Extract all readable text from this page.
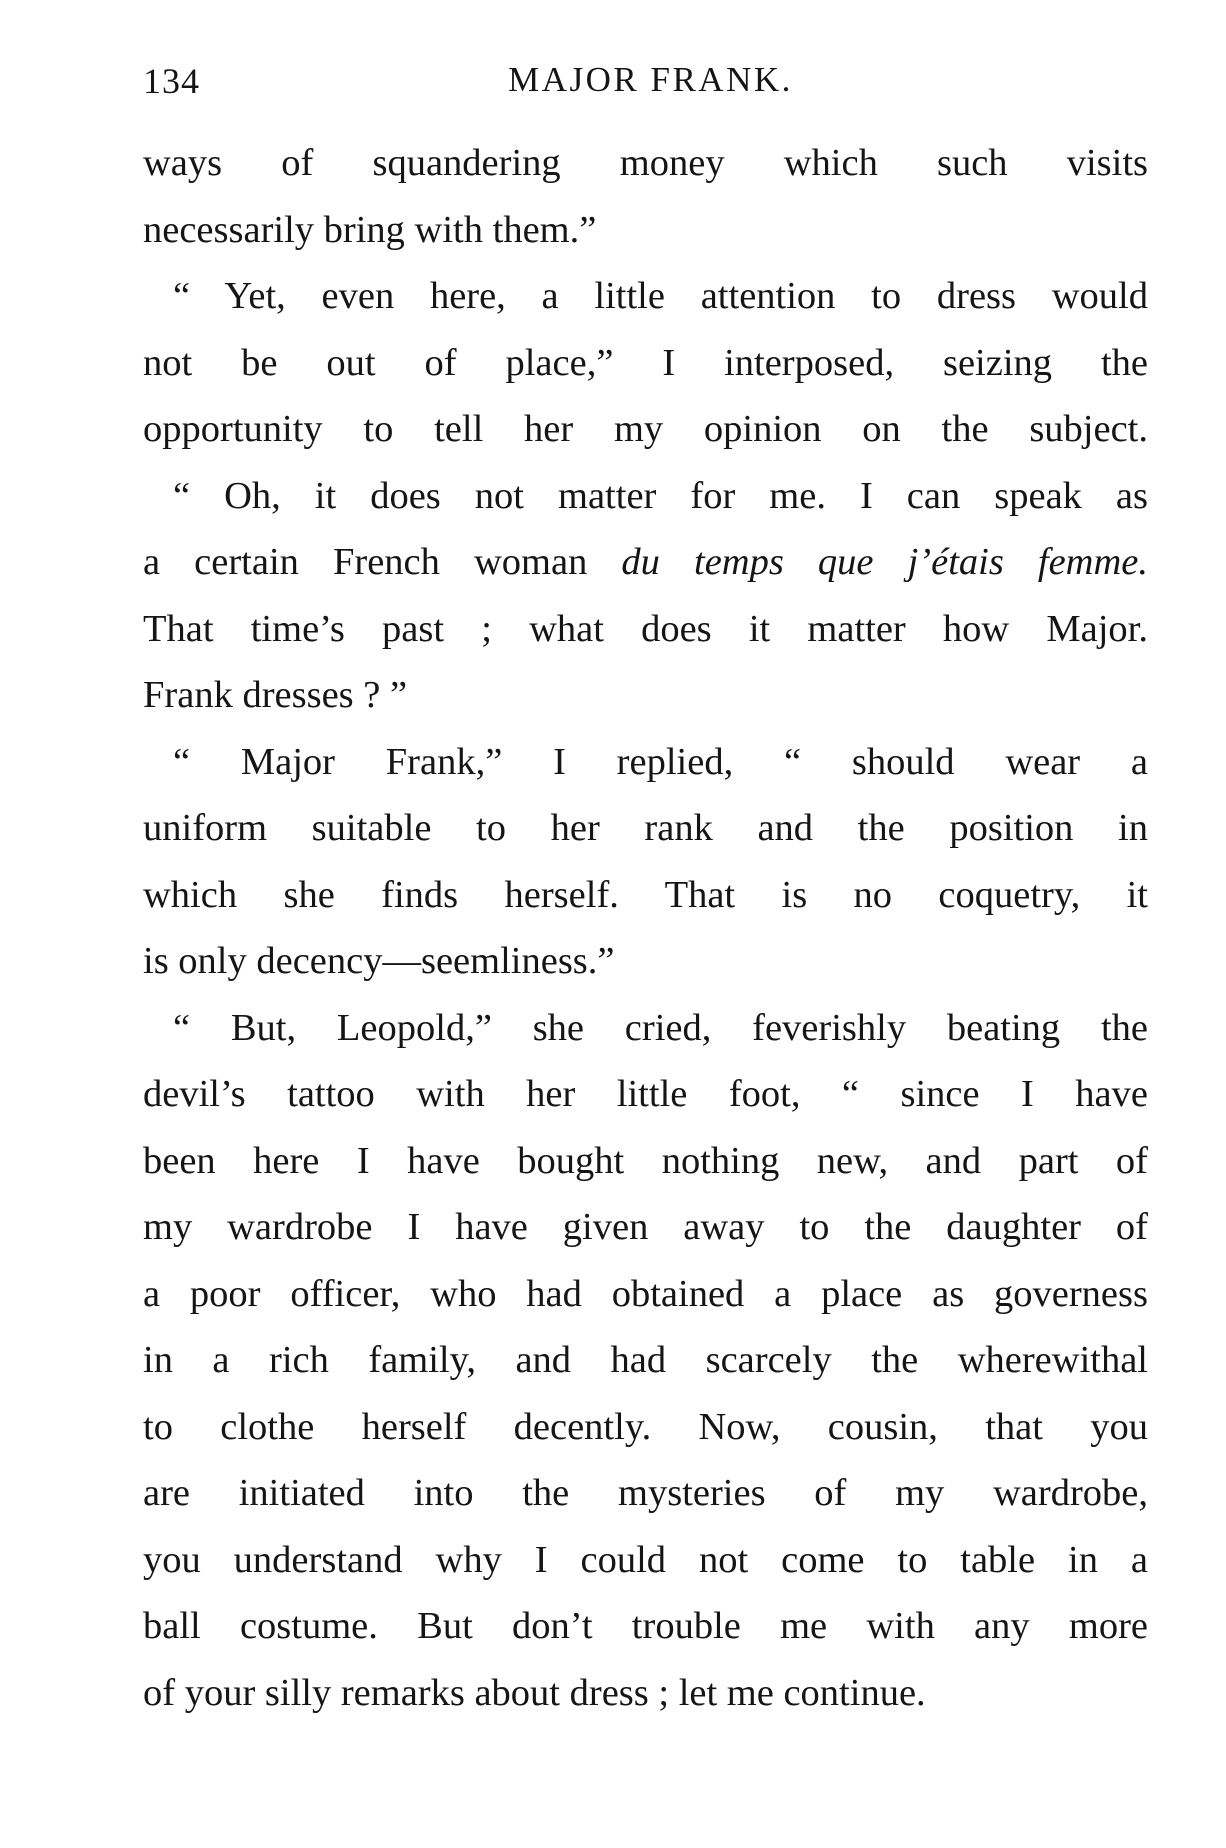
134	MAJOR FRANK.
ways of squandering money which such visits
necessarily bring with them.”
“ Yet, even here, a little attention to dress would
not be out of place,” I interposed, seizing the
opportunity to tell her my opinion on the subject.
“ Oh, it does not matter for me. I can speak as
a certain French woman du temps que j’étais femme.
That time’s past ; what does it matter how Major.
Frank dresses ? ”
“ Major Frank,” I replied, “ should wear a
uniform suitable to her rank and the position in
which she finds herself. That is no coquetry, it
is only decency—seemliness.”
“ But, Leopold,” she cried, feverishly beating the
devil’s tattoo with her little foot, “ since I have
been here I have bought nothing new, and part of
my wardrobe I have given away to the daughter of
a poor officer, who had obtained a place as governess
in a rich family, and had scarcely the wherewithal
to clothe herself decently. Now, cousin, that you
are initiated into the mysteries of my wardrobe,
you understand why I could not come to table in a
ball costume. But don’t trouble me with any more
of your silly remarks about dress ; let me continue.
